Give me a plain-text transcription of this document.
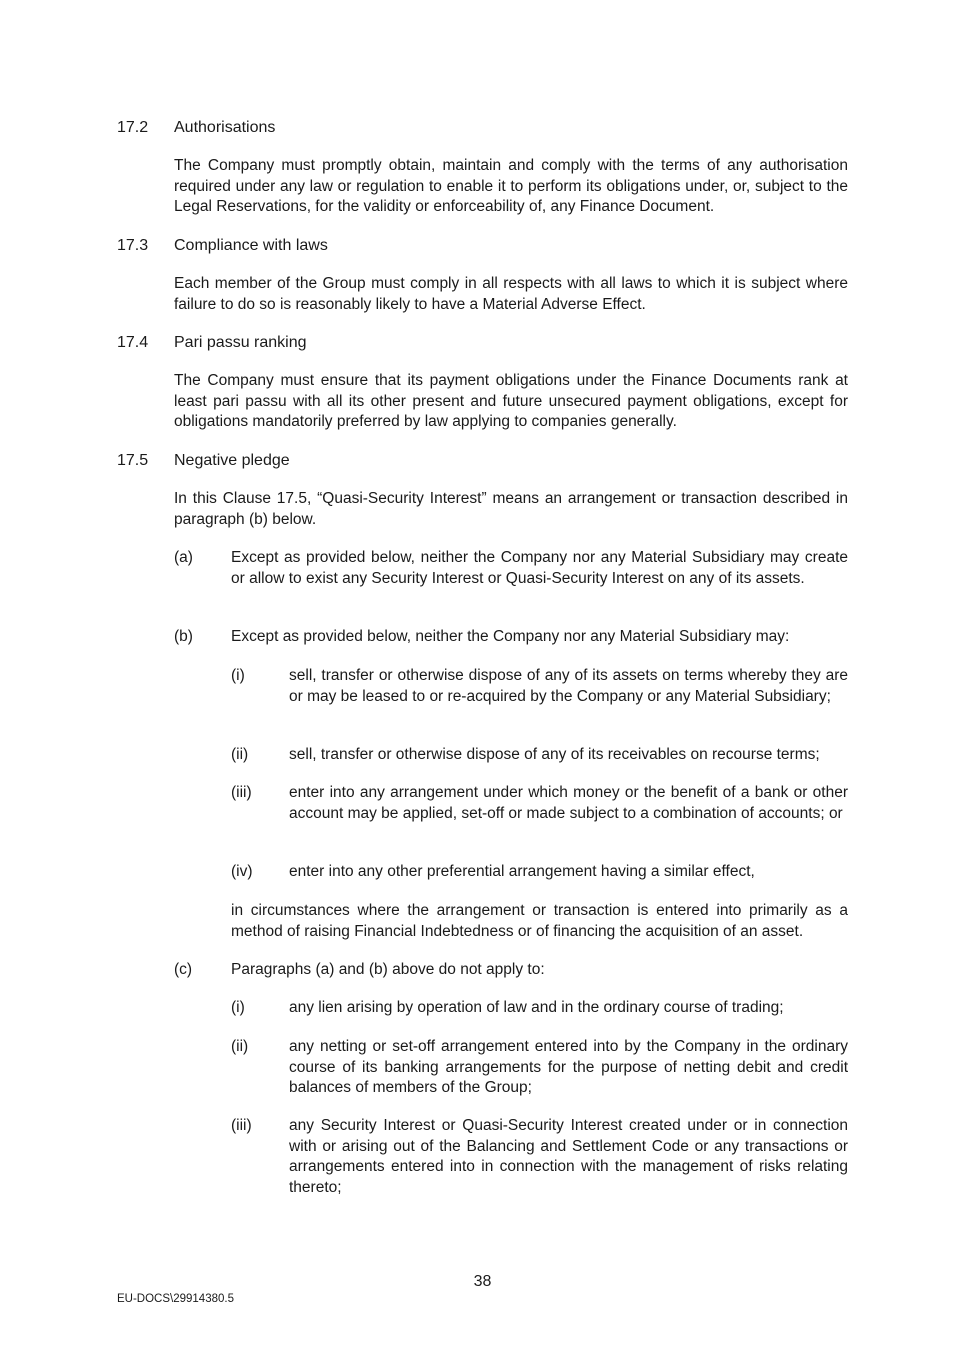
17.2 Authorisations
The Company must promptly obtain, maintain and comply with the terms of any authorisation required under any law or regulation to enable it to perform its obligations under, or, subject to the Legal Reservations, for the validity or enforceability of, any Finance Document.
17.3 Compliance with laws
Each member of the Group must comply in all respects with all laws to which it is subject where failure to do so is reasonably likely to have a Material Adverse Effect.
17.4 Pari passu ranking
The Company must ensure that its payment obligations under the Finance Documents rank at least pari passu with all its other present and future unsecured payment obligations, except for obligations mandatorily preferred by law applying to companies generally.
17.5 Negative pledge
In this Clause 17.5, “Quasi-Security Interest” means an arrangement or transaction described in paragraph (b) below.
(a) Except as provided below, neither the Company nor any Material Subsidiary may create or allow to exist any Security Interest or Quasi-Security Interest on any of its assets.
(b) Except as provided below, neither the Company nor any Material Subsidiary may:
(i)	sell, transfer or otherwise dispose of any of its assets on terms whereby they are or may be leased to or re-acquired by the Company or any Material Subsidiary;
(ii)	sell, transfer or otherwise dispose of any of its receivables on recourse terms;
(iii) enter into any arrangement under which money or the benefit of a bank or other account may be applied, set-off or made subject to a combination of accounts; or
(iv) enter into any other preferential arrangement having a similar effect,
in circumstances where the arrangement or transaction is entered into primarily as a method of raising Financial Indebtedness or of financing the acquisition of an asset.
(c)	Paragraphs (a) and (b) above do not apply to:
(i)	any lien arising by operation of law and in the ordinary course of trading;
(ii)	any netting or set-off arrangement entered into by the Company in the ordinary course of its banking arrangements for the purpose of netting debit and credit balances of members of the Group;
(iii) any Security Interest or Quasi-Security Interest created under or in connection with or arising out of the Balancing and Settlement Code or any transactions or arrangements entered into in connection with the management of risks relating thereto;
38
EU-DOCS\29914380.5
